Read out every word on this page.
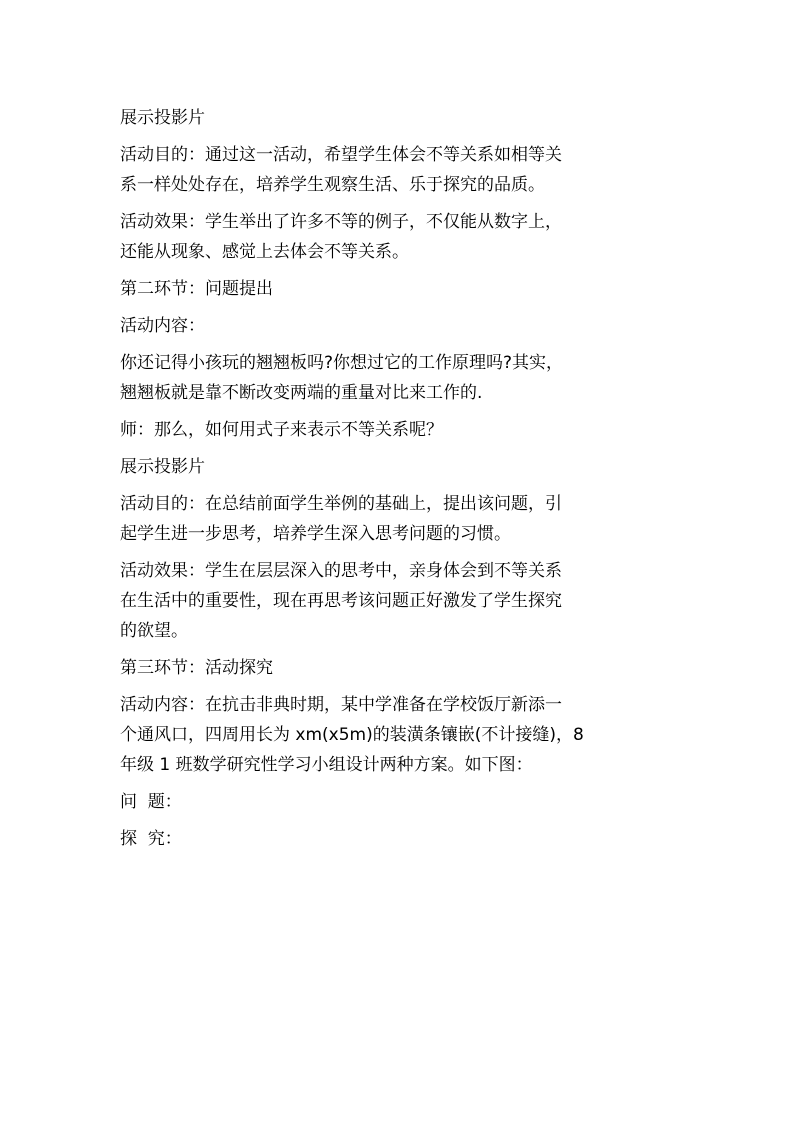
展示投影片

活动目的：通过这一活动，希望学生体会不等关系如相等关
系一样处处存在，培养学生观察生活、乐于探究的品质。

活动效果：学生举出了许多不等的例子，不仅能从数字上，
还能从现象、感觉上去体会不等关系。

第二环节：问题提出

活动内容：

你还记得小孩玩的翘翘板吗?你想过它的工作原理吗?其实，
翘翘板就是靠不断改变两端的重量对比来工作的.

师：那么，如何用式子来表示不等关系呢？

展示投影片

活动目的：在总结前面学生举例的基础上，提出该问题，引
起学生进一步思考，培养学生深入思考问题的习惯。

活动效果：学生在层层深入的思考中，亲身体会到不等关系
在生活中的重要性，现在再思考该问题正好激发了学生探究
的欲望。

第三环节：活动探究

活动内容：在抗击非典时期，某中学准备在学校饭厅新添一
个通风口，四周用长为 xm(x5m)的装潢条镶嵌(不计接缝)，8
年级 1 班数学研究性学习小组设计两种方案。如下图：

问  题：

探  究：
